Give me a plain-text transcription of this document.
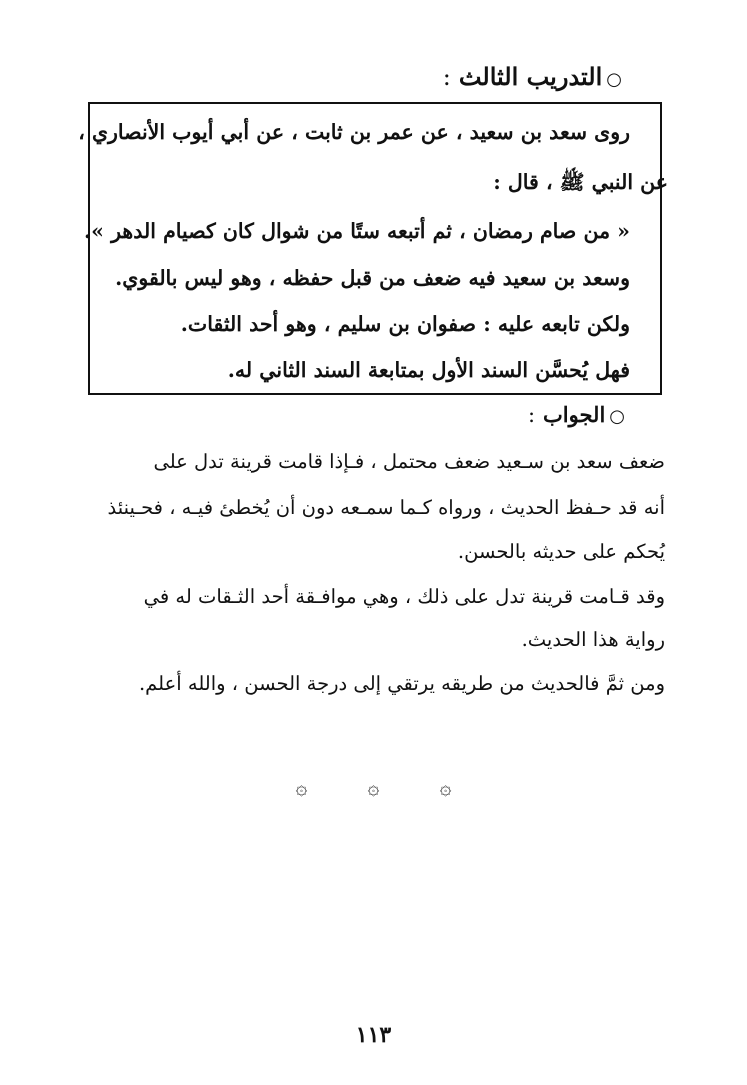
○التدريب الثالث:
روى سعد بن سعيد ، عن عمر بن ثابت ، عن أبي أيوب الأنصاري ،
عن النبي ﷺ ، قال :
« من صام رمضان ، ثم أتبعه ستًا من شوال كان كصيام الدهر ».
وسعد بن سعيد فيه ضعف من قبل حفظه ، وهو ليس بالقوي.
ولكن تابعه عليه : صفوان بن سليم ، وهو أحد الثقات.
فهل يُحسَّن السند الأول بمتابعة السند الثاني له.
○الجواب:
ضعف سعد بن سـعيد ضعف محتمل ، فـإذا قامت قرينة تدل على
أنه قد حـفظ الحديث ، ورواه كـما سمـعه دون أن يُخطئ فيـه ، فحـينئذ
يُحكم على حديثه بالحسن.
وقد قـامت قرينة تدل على ذلك ، وهي موافـقة أحد الثـقات له في
رواية هذا الحديث.
ومن ثمَّ فالحديث من طريقه يرتقي إلى درجة الحسن ، والله أعلم.
۞	۞	۞
١١٣
